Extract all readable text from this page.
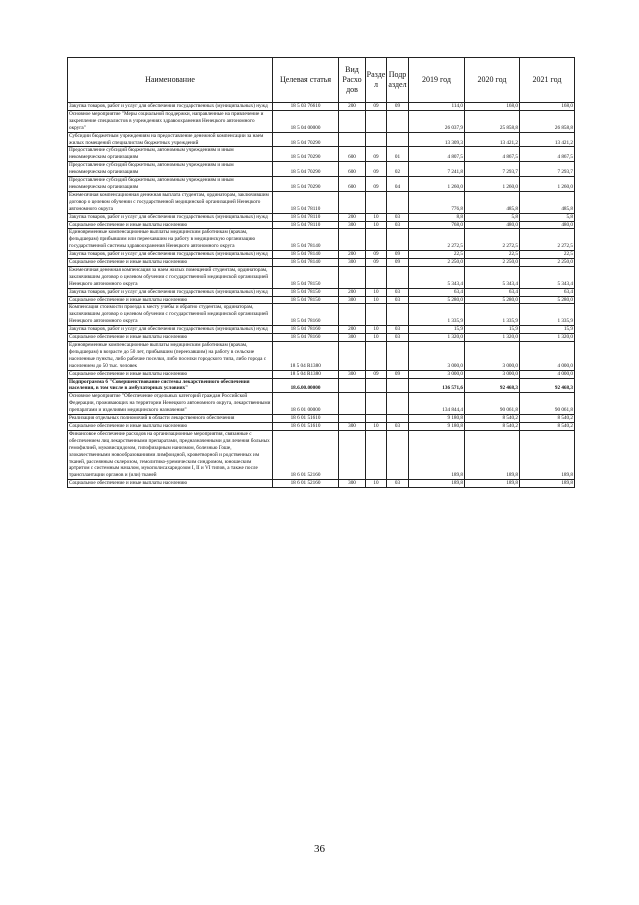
Наименование	Целевая статья	Вид Расхо дов	Разде л	Подр аздел	2019 год	2020 год	2021 год
Закупка товаров, работ и услуг для обеспечения государственных (муниципальных) нужд	18 5 03 76610	200	09	09	114,0	168,0	168,0
Основное мероприятие "Меры социальной поддержки, направленные на привлечение и закрепление специалистов в учреждениях здравоохранения Ненецкого автономного округа"	18 5 04 00000				26 037,9	25 858,8	26 858,8
Субсидии бюджетным учреждениям на предоставление денежной компенсации за наем жилых помещений специалистам бюджетных учреждений	18 5 04 70290				13 309,3	13 421,2	13 421,2
Предоставление субсидий бюджетным, автономным учреждениям и иным некоммерческим организациям	18 5 04 70290	600	09	01	4 807,5	4 867,5	4 867,5
Предоставление субсидий бюджетным, автономным учреждениям и иным некоммерческим организациям	18 5 04 70290	600	09	02	7 241,8	7 293,7	7 293,7
Предоставление субсидий бюджетным, автономным учреждениям и иным некоммерческим организациям	18 5 04 70290	600	09	04	1 260,0	1 260,0	1 260,0
Ежемесячная компенсационная денежная выплата студентам, ординаторам, заключившим договор о целевом обучении с государственной медицинской организацией Ненецкого автономного округа	18 5 04 78110				776,8	485,8	485,8
Закупка товаров, работ и услуг для обеспечения государственных (муниципальных) нужд	18 5 04 78110	200	10	03	8,8	5,8	5,8
Социальное обеспечение и иные выплаты населению	18 5 04 78110	300	10	03	768,0	480,0	480,0
Единовременные компенсационные выплаты медицинским работникам (врачам, фельдшерам) прибывшим или переехавшим на работу в медицинскую организацию государственной системы здравоохранения Ненецкого автономного округа	18 5 04 78140				2 272,5	2 272,5	2 272,5
Закупка товаров, работ и услуг для обеспечения государственных (муниципальных) нужд	18 5 04 78140	200	09	09	22,5	22,5	22,5
Социальное обеспечение и иные выплаты населению	18 5 04 78140	300	09	09	2 250,0	2 250,0	2 250,0
Ежемесячная денежная компенсация за наем жилых помещений студентам, ординаторам, заключившим договор о целевом обучении с государственной медицинской организацией Ненецкого автономного округа	18 5 04 78150				5 343,4	5 343,4	5 343,4
Закупка товаров, работ и услуг для обеспечения государственных (муниципальных) нужд	18 5 04 78150	200	10	03	63,4	63,4	63,4
Социальное обеспечение и иные выплаты населению	18 5 04 78150	300	10	03	5 280,0	5 280,0	5 280,0
Компенсация стоимости проезда к месту учебы и обратно студентам, ординаторам, заключившим договор о целевом обучении с государственной медицинской организацией Ненецкого автономного округа	18 5 04 78160				1 335,9	1 335,9	1 335,9
Закупка товаров, работ и услуг для обеспечения государственных (муниципальных) нужд	18 5 04 78160	200	10	03	15,9	15,9	15,9
Социальное обеспечение и иные выплаты населению	18 5 04 78160	300	10	03	1 320,0	1 320,0	1 320,0
Единовременные компенсационные выплаты медицинским работникам (врачам, фельдшерам) в возрасте до 50 лет, прибывшим (переехавшим) на работу в сельские населенные пункты, либо рабочие поселки, либо поселки городского типа, либо города с населением до 50 тыс. человек	18 5 04 R1380				3 000,0	3 000,0	4 000,0
Социальное обеспечение и иные выплаты населению	18 5 04 R1380	300	09	09	3 000,0	3 000,0	4 000,0
Подпрограмма 6 "Совершенствование системы лекарственного обеспечения населения, в том числе в амбулаторных условиях"	18.6.00.00000				136 571,6	92 468,3	92 468,3
Основное мероприятие "Обеспечение отдельных категорий граждан Российской Федерации, проживающих на территории Ненецкого автономного округа, лекарственными препаратами и изделиями медицинского назначения"	18 6 01 00000				134 844,4	90 061,8	90 061,8
Реализация отдельных полномочий в области лекарственного обеспечения	18 6 01 51610				9 180,8	8 540,2	8 540,2
Социальное обеспечение и иные выплаты населению	18 6 01 51610	300	10	03	9 180,8	8 540,2	8 540,2
Финансовое обеспечение расходов на организационные мероприятия, связанные с обеспечением лиц лекарственными препаратами, предназначенными для лечения больных гемофилией, муковисцидозом, гипофизарным нанизмом, болезнью Гоше, злокачественными новообразованиями лимфоидной, кроветворной и родственных им тканей, рассеянным склерозом, гемолитико-уремическим синдромом, юношеским артритом с системным началом, мукополисахаридозом I, II и VI типов, а также после трансплантации органов и (или) тканей	18 6 01 52160				189,8	189,8	189,8
Социальное обеспечение и иные выплаты населению	18 6 01 52160	300	10	03	189,8	189,8	189,8
36
